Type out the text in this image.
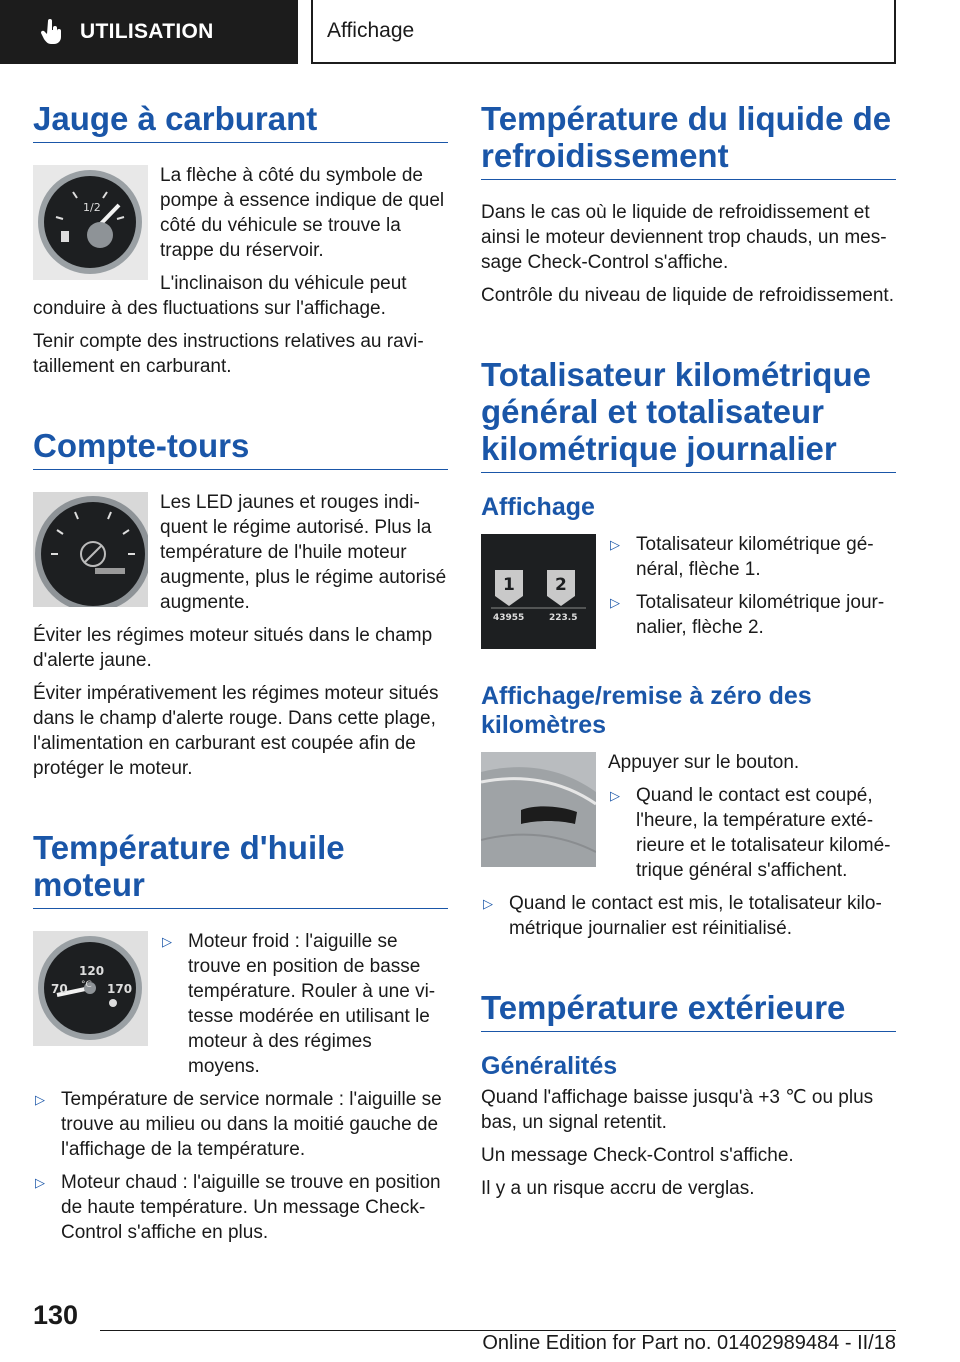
UTILISATION	Affichage
Jauge à carburant
1/2

La flèche à côté du symbole de pompe à essence indique de quel côté du véhicule se trouve la trappe du réservoir.

L'inclinaison du véhicule peut conduire à des fluctuations sur l'affichage.

Tenir compte des instructions relatives au ravitaillement en carburant.

Compte-tours

Les LED jaunes et rouges indiquent le régime autorisé. Plus la température de l'huile moteur augmente, plus le régime autorisé augmente.

Éviter les régimes moteur situés dans le champ d'alerte jaune.

Éviter impérativement les régimes moteur situés dans le champ d'alerte rouge. Dans cette plage, l'alimentation en carburant est coupée afin de protéger le moteur.

Température d'huile moteur
120
°C
70	170
▷ Moteur froid : l'aiguille se trouve en position de basse température. Rouler à une vitesse modérée en utilisant le moteur à des régimes moyens.
▷ Température de service normale : l'aiguille se trouve au milieu ou dans la moitié gauche de l'affichage de la température.
▷ Moteur chaud : l'aiguille se trouve en position de haute température. Un message Check-Control s'affiche en plus.
Température du liquide de refroidissement

Dans le cas où le liquide de refroidissement et ainsi le moteur deviennent trop chauds, un message Check-Control s'affiche.

Contrôle du niveau de liquide de refroidissement.

Totalisateur kilométrique général et totalisateur kilométrique journalier
Affichage
1 2
43955	223.5
▷ Totalisateur kilométrique général, flèche 1.
▷ Totalisateur kilométrique journalier, flèche 2.
Affichage/remise à zéro des kilomètres

Appuyer sur le bouton.

▷ Quand le contact est coupé, l'heure, la température extérieure et le totalisateur kilométrique général s'affichent.
▷ Quand le contact est mis, le totalisateur kilométrique journalier est réinitialisé.
Température extérieure
Généralités

Quand l'affichage baisse jusqu'à +3 ℃ ou plus bas, un signal retentit.

Un message Check-Control s'affiche.

Il y a un risque accru de verglas.

130
Online Edition for Part no. 01402989484 - II/18
